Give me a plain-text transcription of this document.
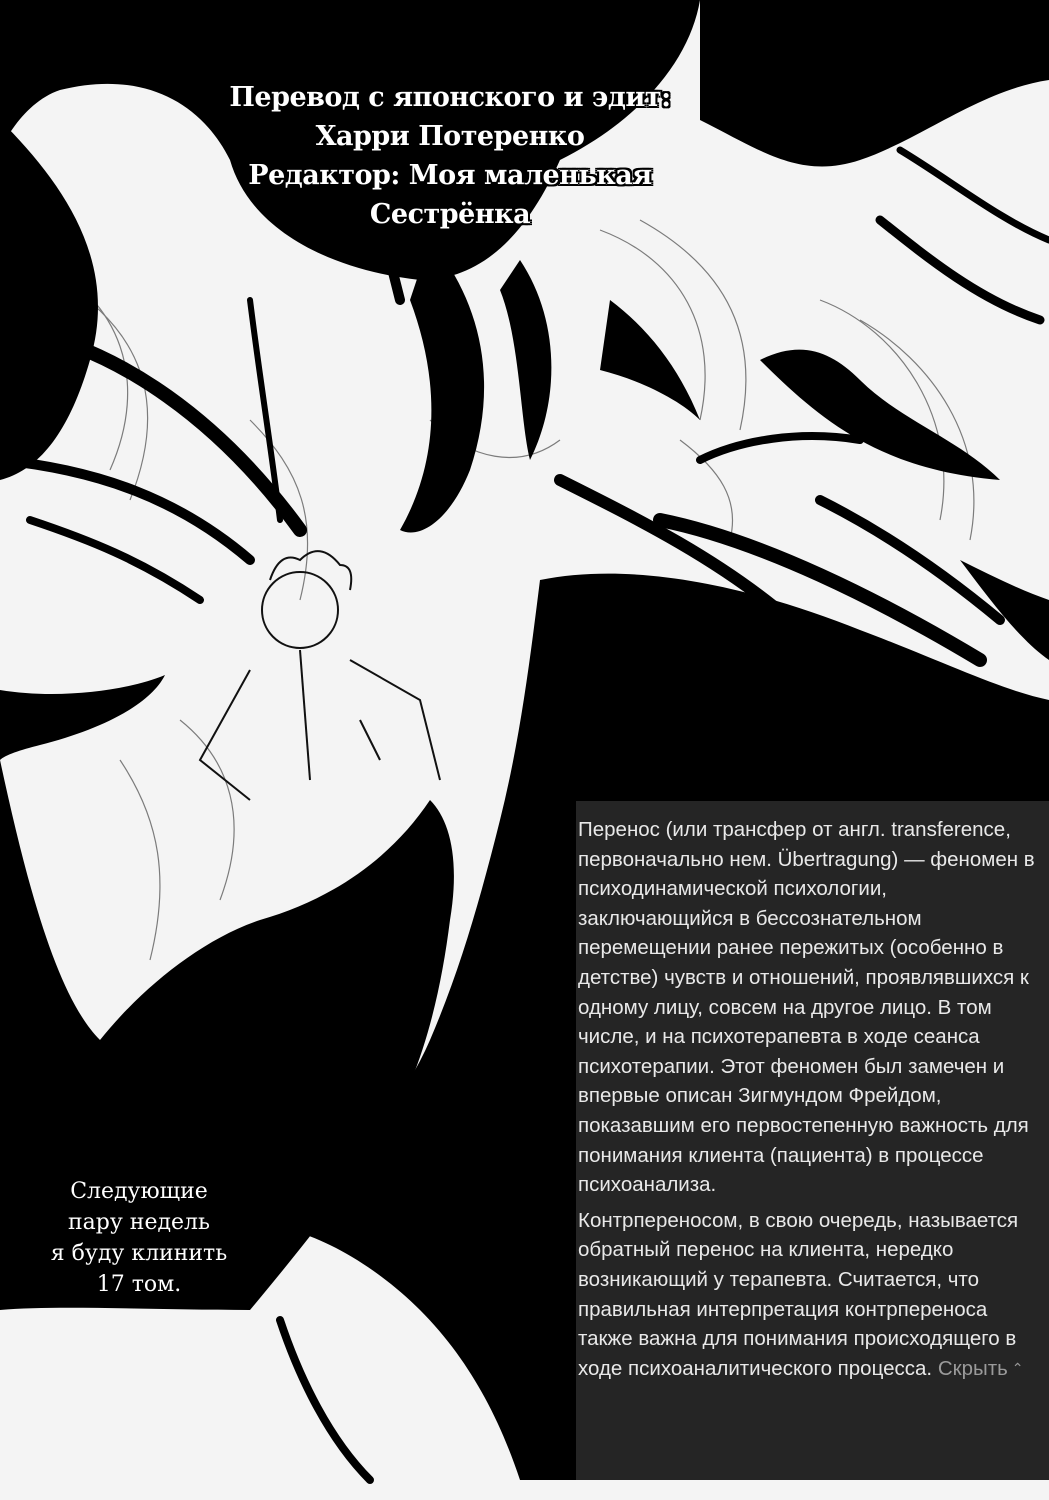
Перевод с японского и эдит:
Харри Потеренко
Редактор: Моя маленькая
Сестрёнка
Следующие
пару недель
я буду клинить
17 том.

Перенос (или трансфер от англ. transference, первоначально нем. Übertragung) — феномен в психодинамической психологии, заключающийся в бессознательном перемещении ранее пережитых (особенно в детстве) чувств и отношений, проявлявшихся к одному лицу, совсем на другое лицо. В том числе, и на психотерапевта в ходе сеанса психотерапии. Этот феномен был замечен и впервые описан Зигмундом Фрейдом, показавшим его первостепенную важность для понимания клиента (пациента) в процессе психоанализа.

Контрпереносом, в свою очередь, называется обратный перенос на клиента, нередко возникающий у терапевта. Считается, что правильная интерпретация контрпереноса также важна для понимания происходящего в ходе психоаналитического процесса. Скрыть ⌃
